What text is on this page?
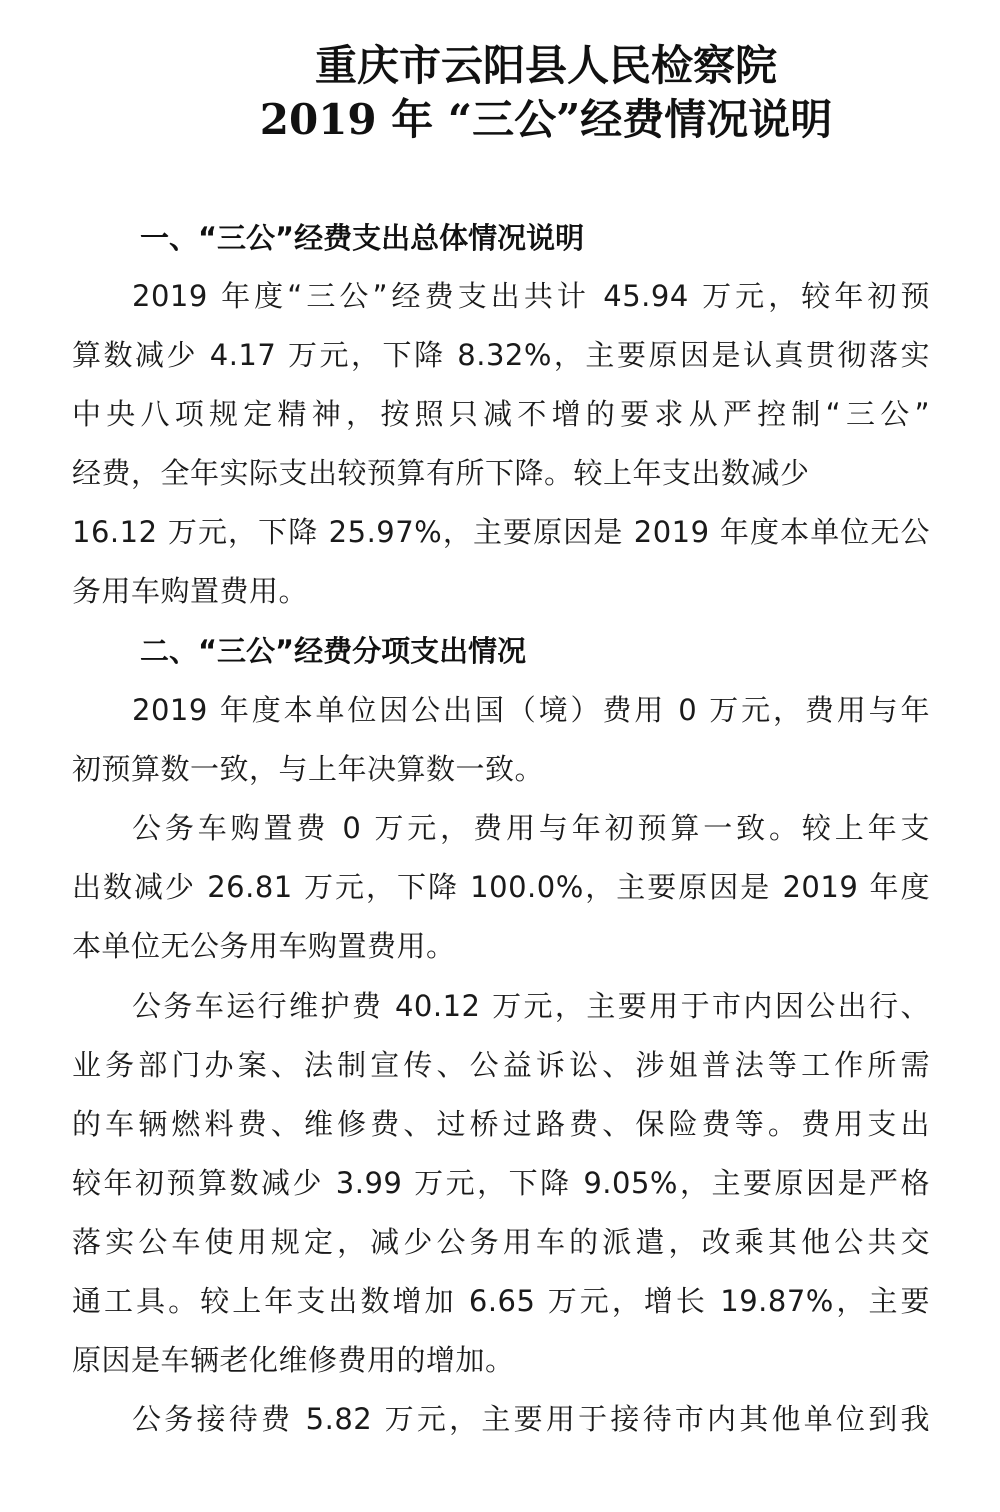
重庆市云阳县人民检察院
2019 年 “三公”经费情况说明
一、“三公”经费支出总体情况说明
2019 年度“三公”经费支出共计 45.94 万元，较年初预
算数减少 4.17 万元，下降 8.32%，主要原因是认真贯彻落实
中央八项规定精神，按照只减不增的要求从严控制“三公”
经费，全年实际支出较预算有所下降。较上年支出数减少
16.12 万元，下降 25.97%，主要原因是 2019 年度本单位无公
务用车购置费用。
二、“三公”经费分项支出情况
2019 年度本单位因公出国（境）费用 0 万元，费用与年
初预算数一致，与上年决算数一致。
公务车购置费 0 万元，费用与年初预算一致。较上年支
出数减少 26.81 万元，下降 100.0%，主要原因是 2019 年度
本单位无公务用车购置费用。
公务车运行维护费 40.12 万元，主要用于市内因公出行、
业务部门办案、法制宣传、公益诉讼、涉姐普法等工作所需
的车辆燃料费、维修费、过桥过路费、保险费等。费用支出
较年初预算数减少 3.99 万元，下降 9.05%，主要原因是严格
落实公车使用规定，减少公务用车的派遣，改乘其他公共交
通工具。较上年支出数增加 6.65 万元，增长 19.87%，主要
原因是车辆老化维修费用的增加。
公务接待费 5.82 万元，主要用于接待市内其他单位到我
